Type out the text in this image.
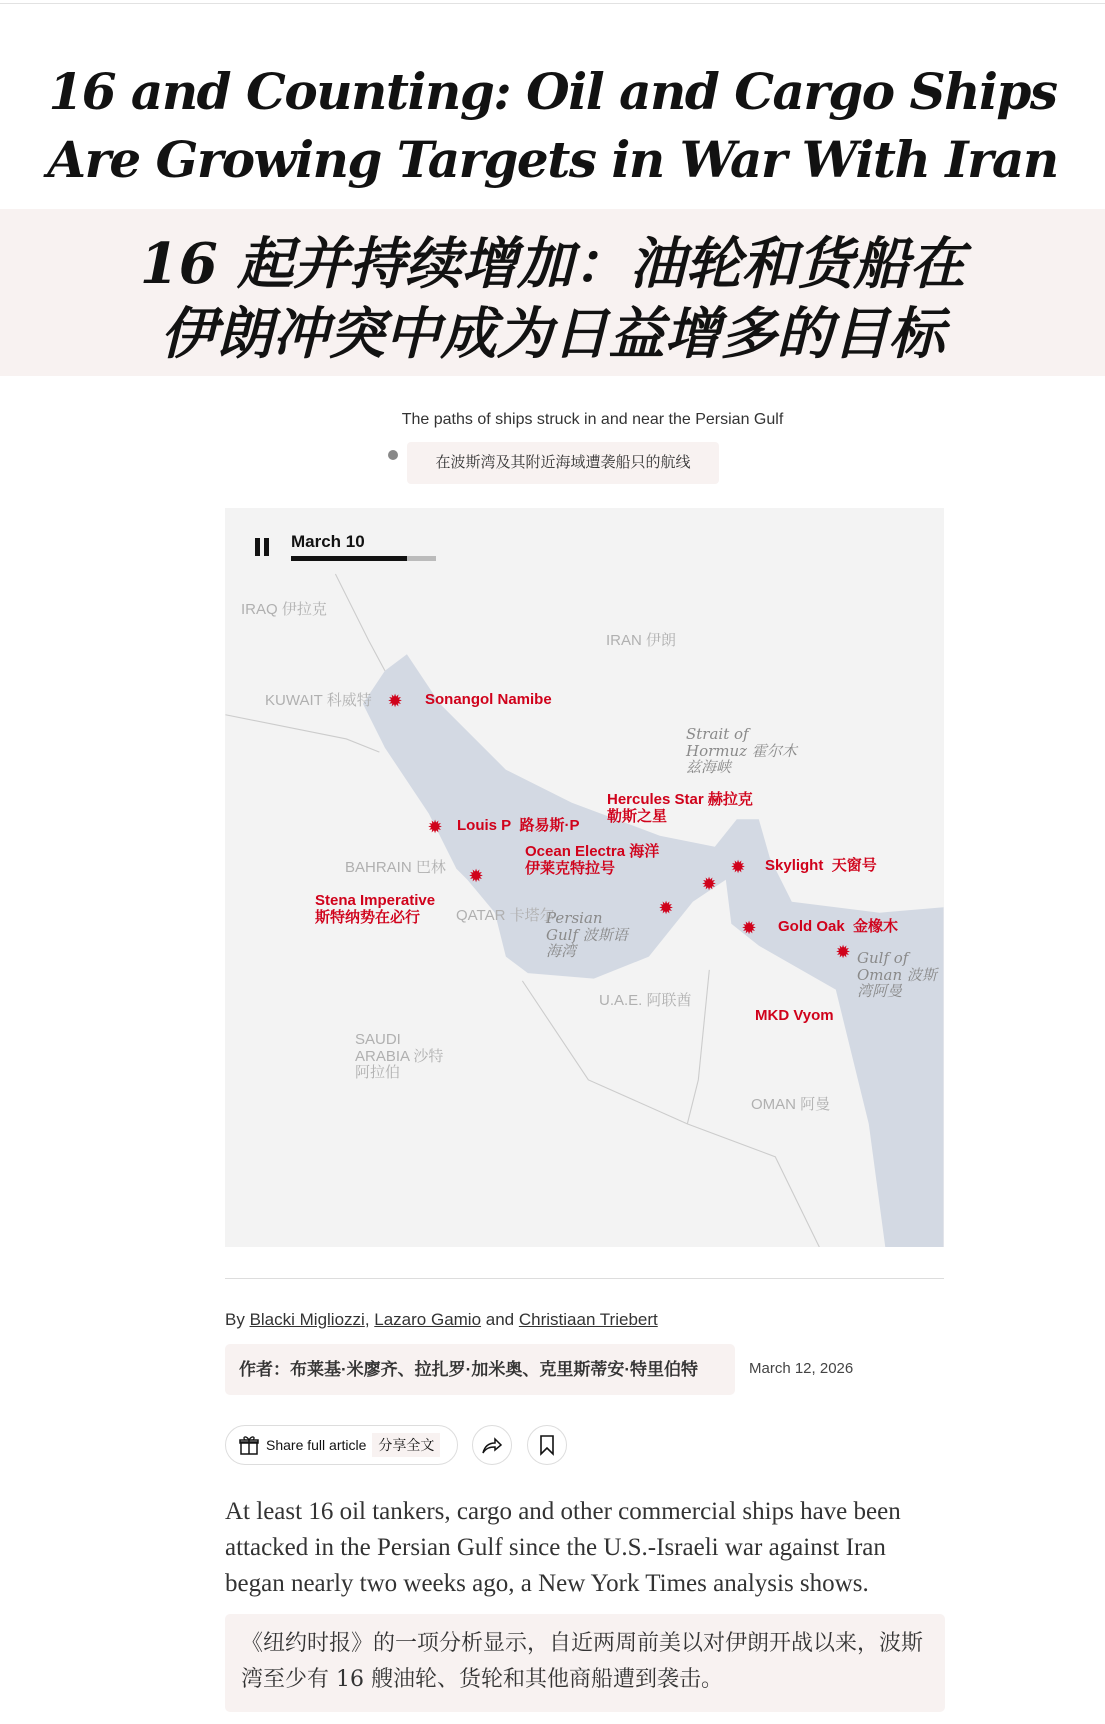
16 and Counting: Oil and Cargo Ships
Are Growing Targets in War With Iran
16 起并持续增加：油轮和货船在
伊朗冲突中成为日益增多的目标
The paths of ships struck in and near the Persian Gulf
在波斯湾及其附近海域遭袭船只的航线
March 10
IRAQ 伊拉克
IRAN 伊朗
KUWAIT 科威特
BAHRAIN 巴林
QATAR 卡塔尔
U.A.E. 阿联酋
SAUDI ARABIA 沙特阿拉伯
OMAN 阿曼
Strait of Hormuz 霍尔木兹海峡
Persian Gulf 波斯语海湾	Gulf of Oman 波斯湾阿曼
✹ Sonangol Namibe
✹ Louis P 路易斯·P
Hercules Star 赫拉克勒斯之星
Ocean Electra 海洋伊莱克特拉号
✹	✹ Skylight 天窗号
✹
✹
Stena Imperative 斯特纳势在必行
✹ Gold Oak 金橡木
✹
MKD Vyom
By Blacki Migliozzi, Lazaro Gamio and Christiaan Triebert
作者：布莱基·米廖齐、拉扎罗·加米奥、克里斯蒂安·特里伯特	March 12, 2026
Share full article 分享全文
At least 16 oil tankers, cargo and other commercial ships have been attacked in the Persian Gulf since the U.S.-Israeli war against Iran began nearly two weeks ago, a New York Times analysis shows.
《纽约时报》的一项分析显示，自近两周前美以对伊朗开战以来，波斯湾至少有 16 艘油轮、货轮和其他商船遭到袭击。
